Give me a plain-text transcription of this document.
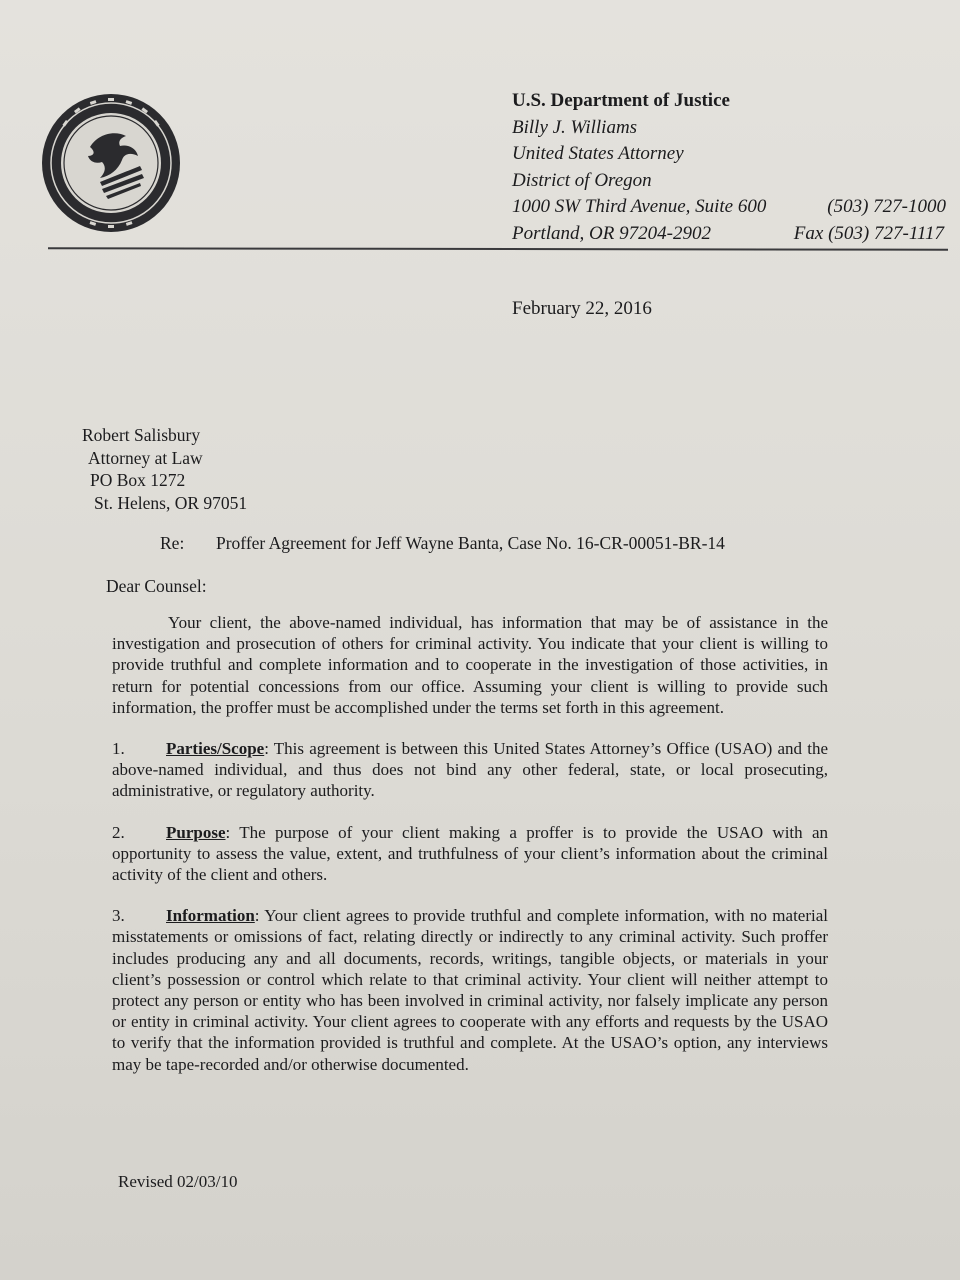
U.S. Department of Justice
Billy J. Williams
United States Attorney
District of Oregon
1000 SW Third Avenue, Suite 600	(503) 727-1000
Portland, OR 97204-2902	Fax (503) 727-1117
February 22, 2016
Robert Salisbury
Attorney at Law
PO Box 1272
St. Helens, OR 97051
Re: Proffer Agreement for Jeff Wayne Banta, Case No. 16-CR-00051-BR-14
Dear Counsel:

Your client, the above-named individual, has information that may be of assistance in the investigation and prosecution of others for criminal activity. You indicate that your client is willing to provide truthful and complete information and to cooperate in the investigation of those activities, in return for potential concessions from our office. Assuming your client is willing to provide such information, the proffer must be accomplished under the terms set forth in this agreement.

1. Parties/Scope: This agreement is between this United States Attorney’s Office (USAO) and the above-named individual, and thus does not bind any other federal, state, or local prosecuting, administrative, or regulatory authority.

2. Purpose: The purpose of your client making a proffer is to provide the USAO with an opportunity to assess the value, extent, and truthfulness of your client’s information about the criminal activity of the client and others.

3. Information: Your client agrees to provide truthful and complete information, with no material misstatements or omissions of fact, relating directly or indirectly to any criminal activity. Such proffer includes producing any and all documents, records, writings, tangible objects, or materials in your client’s possession or control which relate to that criminal activity. Your client will neither attempt to protect any person or entity who has been involved in criminal activity, nor falsely implicate any person or entity in criminal activity. Your client agrees to cooperate with any efforts and requests by the USAO to verify that the information provided is truthful and complete. At the USAO’s option, any interviews may be tape-recorded and/or otherwise documented.

Revised 02/03/10
